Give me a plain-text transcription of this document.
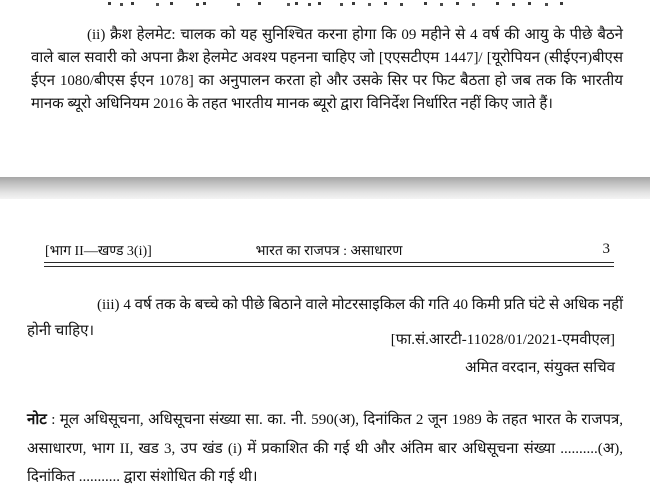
(ii) क्रैश हेलमेट: चालक को यह सुनिश्चित करना होगा कि 09 महीने से 4 वर्ष की आयु के पीछे बैठने वाले बाल सवारी को अपना क्रैश हेलमेट अवश्य पहनना चाहिए जो [एएसटीएम 1447]/ [यूरोपियन (सीईएन)बीएस ईएन 1080/बीएस ईएन 1078] का अनुपालन करता हो और उसके सिर पर फिट बैठता हो जब तक कि भारतीय मानक ब्यूरो अधिनियम 2016 के तहत भारतीय मानक ब्यूरो द्वारा विनिर्देश निर्धारित नहीं किए जाते हैं।

[भाग II—खण्ड 3(i)]	भारत का राजपत्र : असाधारण	3

(iii) 4 वर्ष तक के बच्चे को पीछे बिठाने वाले मोटरसाइकिल की गति 40 किमी प्रति घंटे से अधिक नहीं होनी चाहिए।

[फा.सं.आरटी-11028/01/2021-एमवीएल]
अमित वरदान, संयुक्त सचिव

नोट : मूल अधिसूचना, अधिसूचना संख्या सा. का. नी. 590(अ), दिनांकित 2 जून 1989 के तहत भारत के राजपत्र, असाधारण, भाग II, खड 3, उप खंड (i) में प्रकाशित की गई थी और अंतिम बार अधिसूचना संख्या ..........(अ), दिनांकित ........... द्वारा संशोधित की गई थी।
